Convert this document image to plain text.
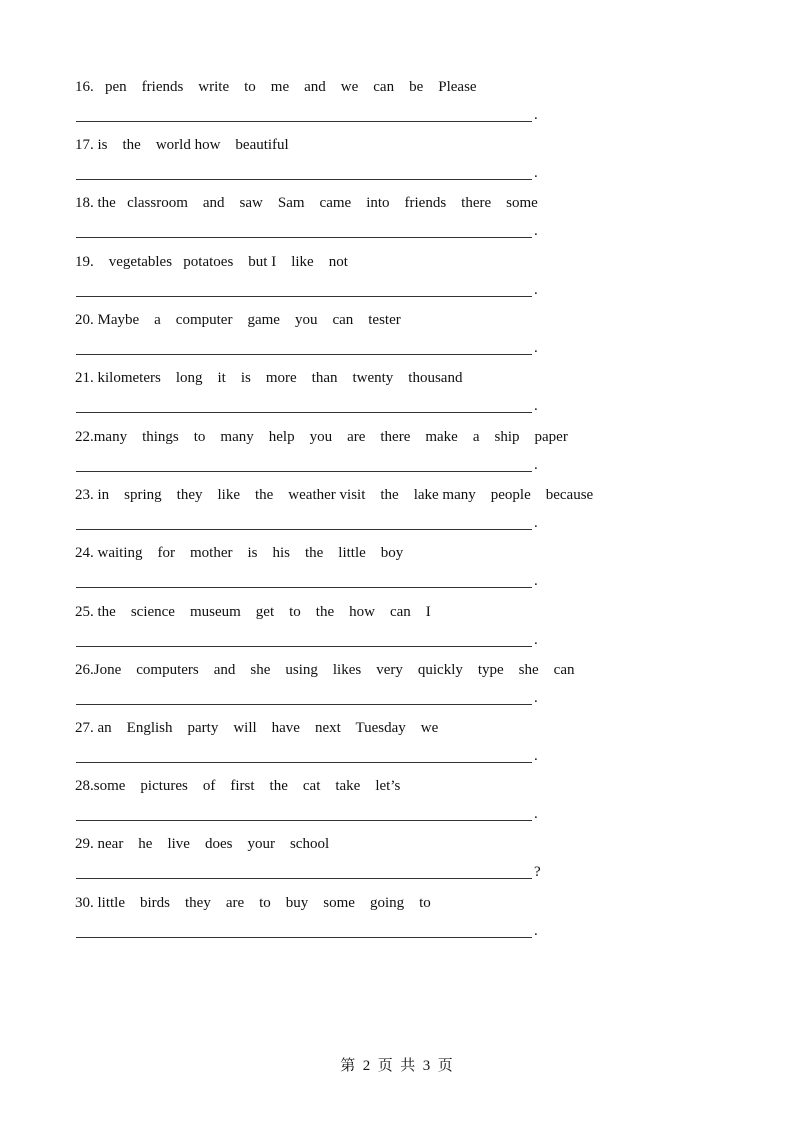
16.   pen    friends    write    to    me    and    we    can    be    Please
.
17. is    the    world how    beautiful
.
18. the   classroom    and    saw    Sam    came    into    friends    there    some
.
19.    vegetables   potatoes    but I    like    not
.
20. Maybe    a    computer    game    you    can    tester
.
21. kilometers    long    it    is    more    than    twenty    thousand
.
22.many    things    to    many    help    you    are    there    make    a    ship    paper
.
23. in    spring    they    like    the    weather visit    the    lake many    people    because
.
24. waiting    for    mother    is    his    the    little    boy
.
25. the    science    museum    get    to    the    how    can    I
.
26.Jone    computers    and    she    using    likes    very    quickly    type    she    can
.
27. an    English    party    will    have    next    Tuesday    we
.
28.some    pictures    of    first    the    cat    take    let’s
.
29. near    he    live    does    your    school
?
30. little    birds    they    are    to    buy    some    going    to
.
第  2  页  共  3  页
